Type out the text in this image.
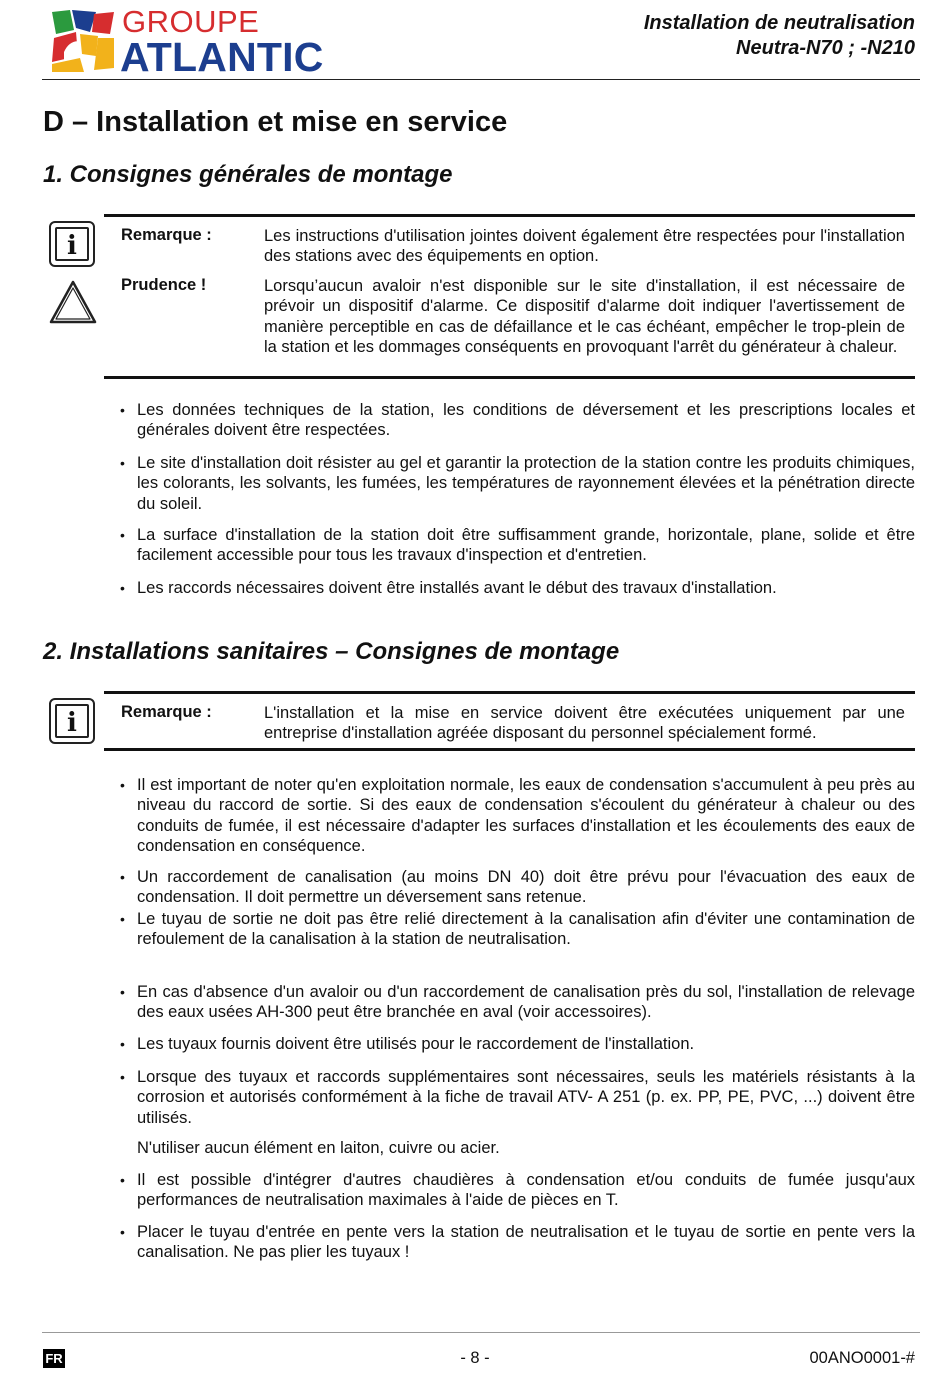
GROUPE
ATLANTIC
Installation de neutralisation
Neutra-N70 ; -N210
D – Installation et mise en service
1. Consignes générales de montage
i	Remarque :	Les instructions d'utilisation jointes doivent également être respectées pour l'installation des stations avec des équipements en option.
Prudence !	Lorsqu’aucun avaloir n'est disponible sur le site d'installation, il est nécessaire de prévoir un dispositif d'alarme. Ce dispositif d'alarme doit indiquer l'avertissement de manière perceptible en cas de défaillance et le cas échéant, empêcher le trop-plein de la station et les dommages conséquents en provoquant l'arrêt du générateur à chaleur.
• Les données techniques de la station, les conditions de déversement et les prescriptions locales et générales doivent être respectées.
• Le site d'installation doit résister au gel et garantir la protection de la station contre les produits chimiques, les colorants, les solvants, les fumées, les températures de rayonnement élevées et la pénétration directe du soleil.
• La surface d'installation de la station doit être suffisamment grande, horizontale, plane, solide et être facilement accessible pour tous les travaux d'inspection et d'entretien.
• Les raccords nécessaires doivent être installés avant le début des travaux d'installation.
2. Installations sanitaires – Consignes de montage
i	Remarque :	L'installation et la mise en service doivent être exécutées uniquement par une entreprise d'installation agréée disposant du personnel spécialement formé.
• Il est important de noter qu'en exploitation normale, les eaux de condensation s'accumulent à peu près au niveau du raccord de sortie. Si des eaux de condensation s'écoulent du générateur à chaleur ou des conduits de fumée, il est nécessaire d'adapter les surfaces d'installation et les écoulements des eaux de condensation en conséquence.
• Un raccordement de canalisation (au moins DN 40) doit être prévu pour l'évacuation des eaux de condensation. Il doit permettre un déversement sans retenue.
• Le tuyau de sortie ne doit pas être relié directement à la canalisation afin d'éviter une contamination de refoulement de la canalisation à la station de neutralisation.
• En cas d'absence d'un avaloir ou d'un raccordement de canalisation près du sol, l'installation de relevage des eaux usées AH-300 peut être branchée en aval (voir accessoires).
• Les tuyaux fournis doivent être utilisés pour le raccordement de l'installation.
• Lorsque des tuyaux et raccords supplémentaires sont nécessaires, seuls les matériels résistants à la corrosion et autorisés conformément à la fiche de travail ATV- A 251 (p. ex. PP, PE, PVC, ...) doivent être utilisés.
N'utiliser aucun élément en laiton, cuivre ou acier.
• Il est possible d'intégrer d'autres chaudières à condensation et/ou conduits de fumée jusqu'aux performances de neutralisation maximales à l'aide de pièces en T.
• Placer le tuyau d'entrée en pente vers la station de neutralisation et le tuyau de sortie en pente vers la canalisation. Ne pas plier les tuyaux !
FR	- 8 -	00ANO0001-#
